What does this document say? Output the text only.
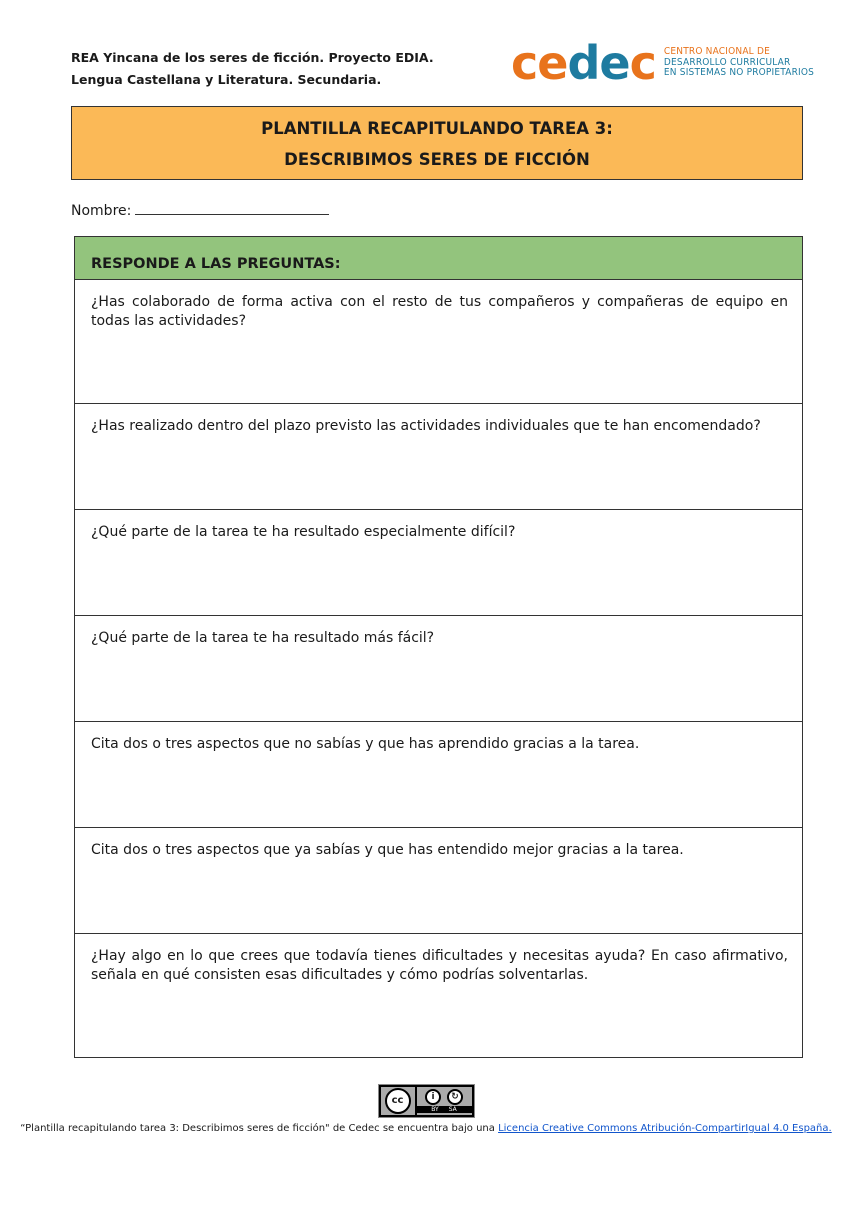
REA Yincana de los seres de ficción. Proyecto EDIA.
Lengua Castellana y Literatura. Secundaria.	cedec CENTRO NACIONAL DE
DESARROLLO CURRICULAR
EN SISTEMAS NO PROPIETARIOS
PLANTILLA RECAPITULANDO TAREA 3:
DESCRIBIMOS SERES DE FICCIÓN
Nombre:
RESPONDE A LAS PREGUNTAS:
¿Has colaborado de forma activa con el resto de tus compañeros y compañeras de equipo en todas las actividades?
¿Has realizado dentro del plazo previsto las actividades individuales que te han encomendado?
¿Qué parte de la tarea te ha resultado especialmente difícil?
¿Qué parte de la tarea te ha resultado más fácil?
Cita dos o tres aspectos que no sabías y que has aprendido gracias a la tarea.
Cita dos o tres aspectos que ya sabías y que has entendido mejor gracias a la tarea.
¿Hay algo en lo que crees que todavía tienes dificultades y necesitas ayuda? En caso afirmativo, señala en qué consisten esas dificultades y cómo podrías solventarlas.
cc	i	↻
BY SA
“Plantilla recapitulando tarea 3: Describimos seres de ficción" de Cedec se encuentra bajo una Licencia Creative Commons Atribución-CompartirIgual 4.0 España.
